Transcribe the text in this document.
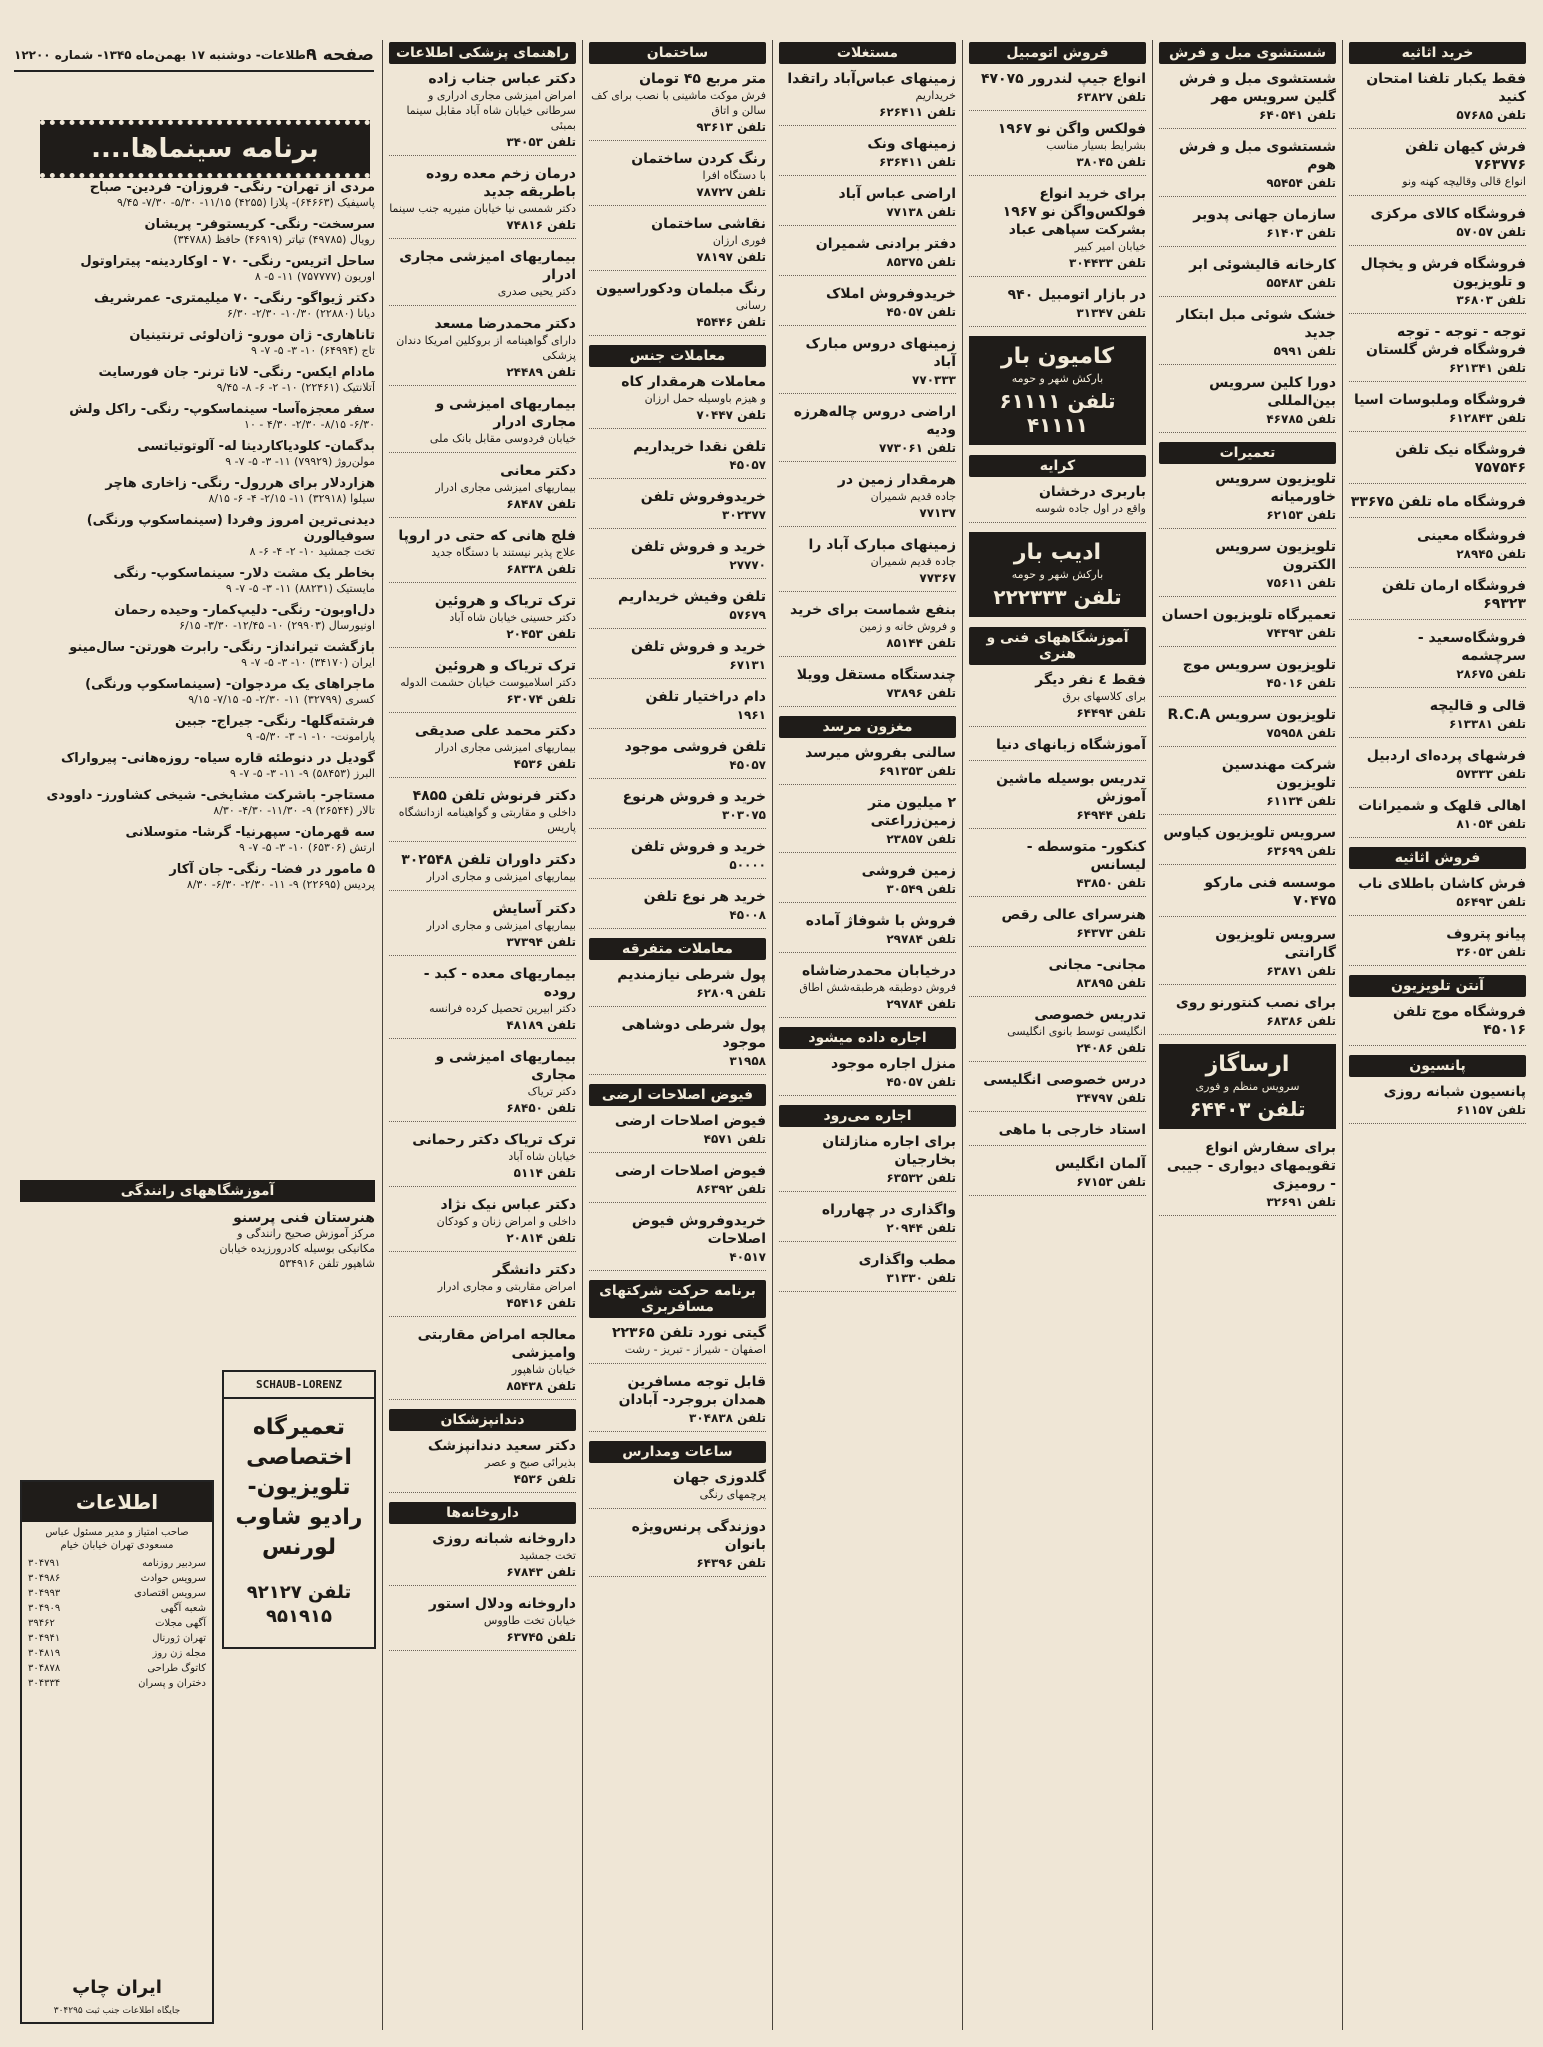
صفحه ۹
اطلاعات- دوشنبه ۱۷ بهمن‌ماه ۱۳۴۵- شماره ۱۲۲۰۰
برنامه سینماها....
مردی از تهران- رنگی- فروزان- فردین- صباح
پاسیفیک (۶۴۶۶۳)- پلازا (۴۲۵۵) ۱۱/۱۵- ۵/۳۰- ۷/۳۰- ۹/۴۵
سرسخت- رنگی- کریستوفر- پریشان
رویال (۴۹۷۸۵) تیاتر (۴۶۹۱۹) حافظ (۳۴۷۸۸)
ساحل اتریس- رنگی- ۷۰ - اوکاردینه- پیتراوتول
اوریون (۷۵۷۷۷۷) ۱۱- ۵- ۸
دکتر ژیواگو- رنگی- ۷۰ میلیمتری- عمرشریف
دیانا (۲۲۸۸۰) ۱۰/۳۰- ۲/۳۰- ۶/۳۰
تاناهاری- ژان مورو- ژان‌لوئی ترنتینیان
تاج (۶۴۹۹۴) ۱۰- ۳- ۵- ۷- ۹
مادام ایکس- رنگی- لانا ترنر- جان فورسایت
آتلانتیک (۲۲۴۶۱) ۱۰- ۲- ۶- ۸- ۹/۴۵
سفر معجزه‌آسا- سینماسکوپ- رنگی- راکل ولش
۶/۳۰- ۸/۱۵- ۲/۳۰- ۴/۳۰ - ۱۰
بدگمان- کلودیاکاردینا له- آلوتوتیاتسی
مولن‌روژ (۷۹۹۲۹) ۱۱- ۳- ۵- ۷- ۹
هزاردلار برای هررول- رنگی- زاخاری هاچر
سیلوا (۳۲۹۱۸) ۱۱- ۲/۱۵- ۴- ۶- ۸/۱۵
دیدنی‌ترین امروز وفردا (سینماسکوپ ورنگی) سوفیالورن
تخت جمشید ۱۰- ۲- ۴- ۶- ۸
بخاطر یک مشت دلار- سینماسکوپ- رنگی
مایستیک (۸۸۲۳۱) ۱۱- ۳- ۵- ۷- ۹
دل‌اوبون- رنگی- دلیپ‌کمار- وحیده رحمان
اونیورسال (۲۹۹۰۳) ۱۰- ۱۲/۴۵- ۳/۳۰- ۶/۱۵
بازگشت تیرانداز- رنگی- رابرت هورتن- سال‌مینو
ایران (۳۴۱۷۰) ۱۰- ۳- ۵- ۷- ۹
ماجراهای یک مردجوان- (سینماسکوپ ورنگی)
کسری (۳۲۷۹۹) ۱۱- ۲/۳۰- ۵- ۷/۱۵- ۹/۱۵
فرشته‌گلها- رنگی- جیراج- جبین
پارامونت- ۱۰- ۱- ۳- ۵/۳۰- ۹
گودیل در دنوطئه قاره سیاه- روزه‌هانی- پیرواراک
البرز (۵۸۴۵۳) ۹- ۱۱- ۳- ۵- ۷- ۹
مستاجر- باشرکت مشایخی- شیخی کشاورز- داوودی
تالار (۲۶۵۴۴) ۹- ۱۱/۳۰- ۴/۳۰- ۸/۳۰
سه قهرمان- سپهرنیا- گرشا- متوسلانی
ارتش (۶۵۳۰۶) ۱۰- ۳- ۵- ۷- ۹
۵ مامور در فضا- رنگی- جان آکار
پردیس (۲۲۶۹۵) ۹- ۱۱- ۲/۳۰- ۶/۳۰- ۸/۳۰
آموزشگاههای رانندگی
هنرستان فنی پرسنو
مرکز آموزش صحیح رانندگی و مکانیکی بوسیله کادرورزیده خیابان شاهپور تلفن ۵۳۴۹۱۶
SCHAUB-LORENZ
تعمیرگاه اختصاصی تلویزیون- رادیو شاوب لورنس
تلفن ۹۲۱۲۷ ۹۵۱۹۱۵
اطلاعات
صاحب امتیاز و مدیر مسئول عباس مسعودی تهران خیابان خیام
سردبیر روزنامه
۳۰۴۷۹۱
سرویس حوادث
۳۰۴۹۸۶
سرویس اقتصادی
۳۰۴۹۹۳
شعبه آگهی
۳۰۴۹۰۹
آگهی مجلات
۳۹۴۶۲
تهران ژورنال
۳۰۴۹۴۱
مجله زن روز
۳۰۴۸۱۹
کاتوگ طراحی
۳۰۴۸۷۸
دختران و پسران
۳۰۴۳۳۴
ایران چاپ
جایگاه اطلاعات جنب ثبت ۳۰۴۲۹۵
راهنمای پزشکی اطلاعات
دکتر عباس جناب زاده
امراض امیزشی مجاری ادراری و سرطانی خیابان شاه آباد مقابل سینما بمبئی
تلفن ۳۴۰۵۳
درمان زخم معده روده باطریقه جدید
دکتر شمسی نیا خیابان منیریه جنب سینما
تلفن ۷۴۸۱۶
بیماریهای امیزشی مجاری ادرار
دکتر یحیی صدری
دکتر محمدرضا مسعد
دارای گواهینامه از بروکلین امریکا دندان پزشکی
تلفن ۲۴۴۸۹
بیماریهای امیزشی و مجاری ادرار
خیابان فردوسی مقابل بانک ملی
دکتر معانی
بیماریهای امیزشی مجاری ادرار
تلفن ۶۸۴۸۷
فلج هانی که حتی در اروپا
علاج پذیر نیستند با دستگاه جدید
تلفن ۶۸۳۳۸
ترک تریاک و هروئین
دکتر حسینی خیابان شاه آباد
تلفن ۲۰۴۵۳
ترک تریاک و هروئین
دکتر اسلامیوست خیابان حشمت الدوله
تلفن ۶۳۰۷۴
دکتر محمد علی صدیقی
بیماریهای امیزشی مجاری ادرار
تلفن ۴۵۳۶
دکتر فرنوش تلفن ۴۸۵۵
داخلی و مقاربتی و گواهینامه ازدانشگاه پاریس
دکتر داوران تلفن ۳۰۲۵۴۸
بیماریهای امیزشی و مجاری ادرار
دکتر آسایش
بیماریهای امیزشی و مجاری ادرار
تلفن ۳۷۳۹۴
بیماریهای معده - کبد - روده
دکتر ابیرین تحصیل کرده فرانسه
تلفن ۴۸۱۸۹
بیماریهای امیزشی و مجاری
دکتر تریاک
تلفن ۶۸۴۵۰
ترک تریاک دکتر رحمانی
خیابان شاه آباد
تلفن ۵۱۱۴
دکتر عباس نیک نژاد
داخلی و امراض زنان و کودکان
تلفن ۲۰۸۱۴
دکتر دانشگر
امراض مقاربتی و مجاری ادرار
تلفن ۴۵۴۱۶
معالجه امراض مقاربتی وامیزشی
خیابان شاهپور
تلفن ۸۵۴۳۸
دندانپزشکان
دکتر سعید دندانپزشک
بذیرائی صبح و عصر
تلفن ۴۵۳۶
داروخانه‌ها
داروخانه شبانه روزی
تخت جمشید
تلفن ۶۷۸۴۳
داروخانه ودلال استور
خیابان تخت طاووس
تلفن ۶۳۷۴۵
ساختمان
متر مربع ۴۵ تومان
فرش موکت ماشینی با نصب برای کف سالن و اتاق
تلفن ۹۳۶۱۳
رنگ کردن ساختمان
با دستگاه افرا
تلفن ۷۸۷۲۷
نقاشی ساختمان
فوری ارزان
تلفن ۷۸۱۹۷
رنگ مبلمان ودکوراسیون
رسانی
تلفن ۴۵۴۴۶
معاملات جنس
معاملات هرمقدار کاه
و هیزم باوسیله حمل ارزان
تلفن ۷۰۴۴۷
تلفن نقدا خریداریم
۴۵۰۵۷
خریدوفروش تلفن
۳۰۲۳۷۷
خرید و فروش تلفن
۲۷۷۷۰
تلفن وفیش خریداریم
۵۷۶۷۹
خرید و فروش تلفن
۶۷۱۳۱
دام دراختیار تلفن
۱۹۶۱
تلفن فروشی موجود
۴۵۰۵۷
خرید و فروش هرنوع
۳۰۳۰۷۵
خرید و فروش تلفن
۵۰۰۰۰
خرید هر نوع تلفن
۴۵۰۰۸
معاملات متفرقه
پول شرطی نیازمندیم
تلفن ۶۲۸۰۹
پول شرطی دوشاهی موجود
۳۱۹۵۸
فیوض اصلاحات ارضی
فیوض اصلاحات ارضی
تلفن ۴۵۷۱
فیوض اصلاحات ارضی
تلفن ۸۶۳۹۲
خریدوفروش فیوض اصلاحات
۴۰۵۱۷
برنامه حرکت شرکتهای مسافربری
گیتی نورد تلفن ۲۲۳۶۵
اصفهان - شیراز - تبریز - رشت
قابل توجه مسافرین همدان بروجرد- آبادان
تلفن ۳۰۴۸۳۸
ساعات ومدارس
گلدوزی جهان
پرچمهای رنگی
دوزندگی پرنس‌ویژه بانوان
تلفن ۶۴۳۹۶
مستغلات
زمینهای عباس‌آباد راتقدا
خریداریم
تلفن ۶۲۶۴۱۱
زمینهای ونک
تلفن ۶۳۶۴۱۱
اراضی عباس آباد
تلفن ۷۷۱۳۸
دفتر برادنی شمیران
تلفن ۸۵۳۷۵
خریدوفروش املاک
تلفن ۴۵۰۵۷
زمینهای دروس مبارک آباد
۷۷۰۳۳۳
اراضی دروس چاله‌هرزه ودیه
تلفن ۷۷۳۰۶۱
هرمقدار زمین در
جاده قدیم شمیران
۷۷۱۳۷
زمینهای مبارک آباد را
جاده قدیم شمیران
۷۷۳۶۷
بنفع شماست برای خرید
و فروش خانه و زمین
تلفن ۸۵۱۴۴
چندستگاه مستقل وویلا
تلفن ۷۳۸۹۶
مغزون مرسد
سالنی بفروش میرسد
تلفن ۶۹۱۳۵۳
۲ میلیون متر زمین‌زراعتی
تلفن ۲۳۸۵۷
زمین فروشی
تلفن ۳۰۵۴۹
فروش با شوفاژ آماده
تلفن ۲۹۷۸۴
درخیابان محمدرضاشاه
فروش دوطبقه هرطبقه‌شش اطاق
تلفن ۲۹۷۸۴
اجاره داده میشود
منزل اجاره موجود
تلفن ۴۵۰۵۷
اجاره می‌رود
برای اجاره منازلتان بخارجیان
تلفن ۶۳۵۳۲
واگذاری در چهارراه
تلفن ۲۰۹۴۴
مطب واگذاری
تلفن ۳۱۳۳۰
فروش اتومبیل
انواع جیپ لندرور ۴۷۰۷۵
تلفن ۶۳۸۲۷
فولکس واگن نو ۱۹۶۷
بشرایط بسیار مناسب
تلفن ۳۸۰۴۵
برای خرید انواع فولکس‌واگن نو ۱۹۶۷ بشرکت سپاهی عباد
خیابان امیر کبیر
تلفن ۳۰۴۴۳۳
در بازار اتومبیل ۹۴۰
تلفن ۳۱۳۴۷
کامیون بار
بارکش شهر و حومه
تلفن ۶۱۱۱۱ ۴۱۱۱۱
کرایه
باربری درخشان
واقع در اول جاده شوسه
ادیب بار
بارکش شهر و حومه
تلفن ۲۲۲۳۳۳
آموزشگاههای فنی و هنری
فقط ٤ نفر دیگر
برای کلاسهای برق
تلفن ۶۴۴۹۴
آموزشگاه زبانهای دنیا
تدریس بوسیله ماشین آموزش
تلفن ۶۴۹۴۴
کنکور- متوسطه - لیسانس
تلفن ۴۳۸۵۰
هنرسرای عالی رقص
تلفن ۶۴۳۷۳
مجانی- مجانی
تلفن ۸۳۸۹۵
تدریس خصوصی
انگلیسی توسط بانوی انگلیسی
تلفن ۲۴۰۸۶
درس خصوصی انگلیسی
تلفن ۳۴۷۹۷
استاد خارجی با ماهی
آلمان انگلیس
تلفن ۶۷۱۵۳
شستشوی مبل و فرش
شستشوی مبل و فرش گلین سرویس مهر
تلفن ۶۴۰۵۴۱
شستشوی مبل و فرش هوم
تلفن ۹۵۴۵۴
سازمان جهانی پدوبر
تلفن ۶۱۴۰۳
کارخانه قالیشوئی ابر
تلفن ۵۵۴۸۳
خشک شوئی مبل ابتکار جدید
تلفن ۵۹۹۱
دورا کلین سرویس بین‌المللی
تلفن ۴۶۷۸۵
تعمیرات
تلویزیون سرویس خاورمیانه
تلفن ۶۲۱۵۳
تلویزیون سرویس الکترون
تلفن ۷۵۶۱۱
تعمیرگاه تلویزیون احسان
تلفن ۷۴۳۹۳
تلویزیون سرویس موج
تلفن ۴۵۰۱۶
تلویزیون سرویس R.C.A
تلفن ۷۵۹۵۸
شرکت مهندسین تلویزیون
تلفن ۶۱۱۳۴
سرویس تلویزیون کیاوس
تلفن ۶۳۶۹۹
موسسه فنی مارکو ۷۰۴۷۵
سرویس تلویزیون گارانتی
تلفن ۶۳۸۷۱
برای نصب کنتورنو روی
تلفن ۶۸۳۸۶
ارساگاز
سرویس منظم و فوری
تلفن ۶۴۴۰۳
برای سفارش انواع تقویمهای دیواری - جیبی - رومیزی
تلفن ۳۲۶۹۱
خرید اثاثیه
فقط یکبار تلفنا امتحان کنید
تلفن ۵۷۶۸۵
فرش کیهان تلفن ۷۶۳۷۷۶
انواع قالی وقالیچه کهنه ونو
فروشگاه کالای مرکزی
تلفن ۵۷۰۵۷
فروشگاه فرش و یخچال و تلویزیون
تلفن ۳۶۸۰۳
توجه - توجه - توجه فروشگاه فرش گلستان
تلفن ۶۲۱۳۴۱
فروشگاه وملبوسات اسیا
تلفن ۶۱۲۸۴۳
فروشگاه نیک تلفن ۷۵۷۵۴۶
فروشگاه ماه تلفن ۳۳۶۷۵
فروشگاه معینی
تلفن ۲۸۹۴۵
فروشگاه ارمان تلفن ۶۹۳۲۳
فروشگاه‌سعید - سرچشمه
تلفن ۲۸۶۷۵
قالی و قالیچه
تلفن ۶۱۳۳۸۱
فرشهای پرده‌ای اردبیل
تلفن ۵۷۳۳۳
اهالی قلهک و شمیرانات
تلفن ۸۱۰۵۴
فروش اثاثیه
فرش کاشان باطلای ناب
تلفن ۵۶۴۹۳
پیانو پتروف
تلفن ۳۶۰۵۳
آنتن تلویزیون
فروشگاه موج تلفن ۴۵۰۱۶
پانسیون
پانسیون شبانه روزی
تلفن ۶۱۱۵۷
